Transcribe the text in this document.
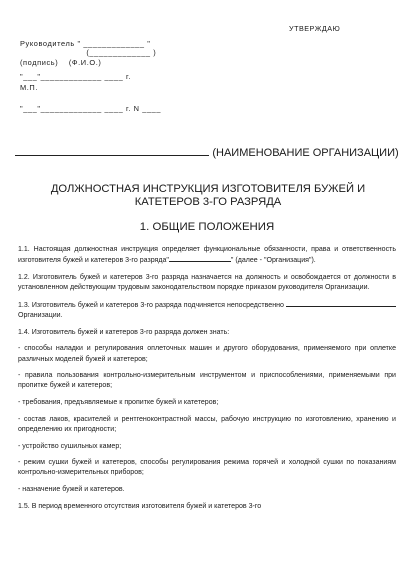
УТВЕРЖДАЮ
Руководитель " _____________ "
(_____________ )
(подпись)    (Ф.И.О.)
"___"_____________ ____ г.
М.П.
"___"_____________ ____ г. N ____
(НАИМЕНОВАНИЕ ОРГАНИЗАЦИИ)
ДОЛЖНОСТНАЯ ИНСТРУКЦИЯ ИЗГОТОВИТЕЛЯ БУЖЕЙ И КАТЕТЕРОВ 3-ГО РАЗРЯДА
1. ОБЩИЕ ПОЛОЖЕНИЯ

1.1. Настоящая должностная инструкция определяет функциональные обязанности, права и ответственность изготовителя бужей и катетеров 3-го разряда"	" (далее - "Организация").

1.2. Изготовитель бужей и катетеров 3-го разряда назначается на должность и освобождается от должности в установленном действующим трудовым законодательством порядке приказом руководителя Организации.

1.3. Изготовитель бужей и катетеров 3-го разряда подчиняется непосредственно  Организации.

1.4. Изготовитель бужей и катетеров 3-го разряда должен знать:

- способы наладки и регулирования оплеточных машин и другого оборудования, применяемого при оплетке различных моделей бужей и катетеров;

- правила пользования контрольно-измерительным инструментом и приспособлениями, применяемыми при пропитке бужей и катетеров;

- требования, предъявляемые к пропитке бужей и катетеров;

- состав лаков, красителей и рентгеноконтрастной массы, рабочую инструкцию по изготовлению, хранению и определению их пригодности;

- устройство сушильных камер;

- режим сушки бужей и катетеров, способы регулирования режима горячей и холодной сушки по показаниям контрольно-измерительных приборов;

- назначение бужей и катетеров.

1.5. В период временного отсутствия изготовителя бужей и катетеров 3-го
